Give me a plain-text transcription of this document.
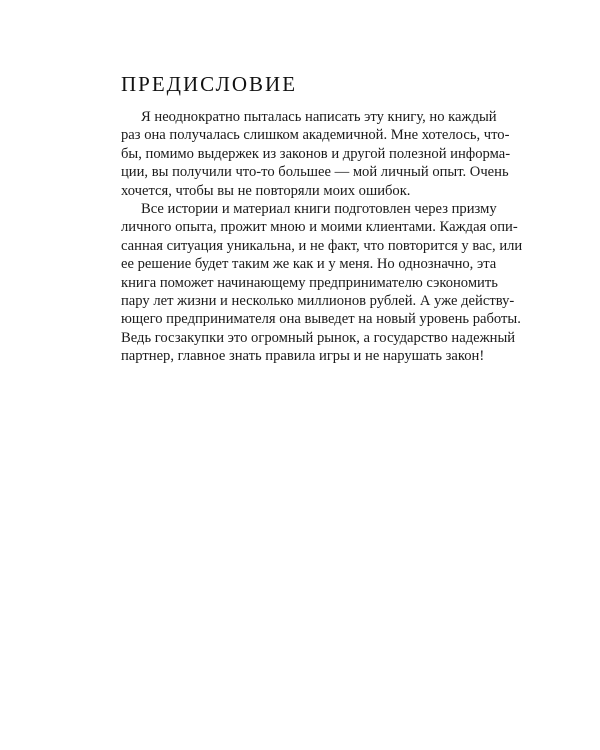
ПРЕДИСЛОВИЕ
Я неоднократно пыталась написать эту книгу, но каждый
раз она получалась слишком академичной. Мне хотелось, что-
бы, помимо выдержек из законов и другой полезной информа-
ции, вы получили что-то большее — мой личный опыт. Очень
хочется, чтобы вы не повторяли моих ошибок.
Все истории и материал книги подготовлен через призму
личного опыта, прожит мною и моими клиентами. Каждая опи-
санная ситуация уникальна, и не факт, что повторится у вас, или
ее решение будет таким же как и у меня. Но однозначно, эта
книга поможет начинающему предпринимателю сэкономить
пару лет жизни и несколько миллионов рублей. А уже действу-
ющего предпринимателя она выведет на новый уровень работы.
Ведь госзакупки это огромный рынок, а государство надежный
партнер, главное знать правила игры и не нарушать закон!
